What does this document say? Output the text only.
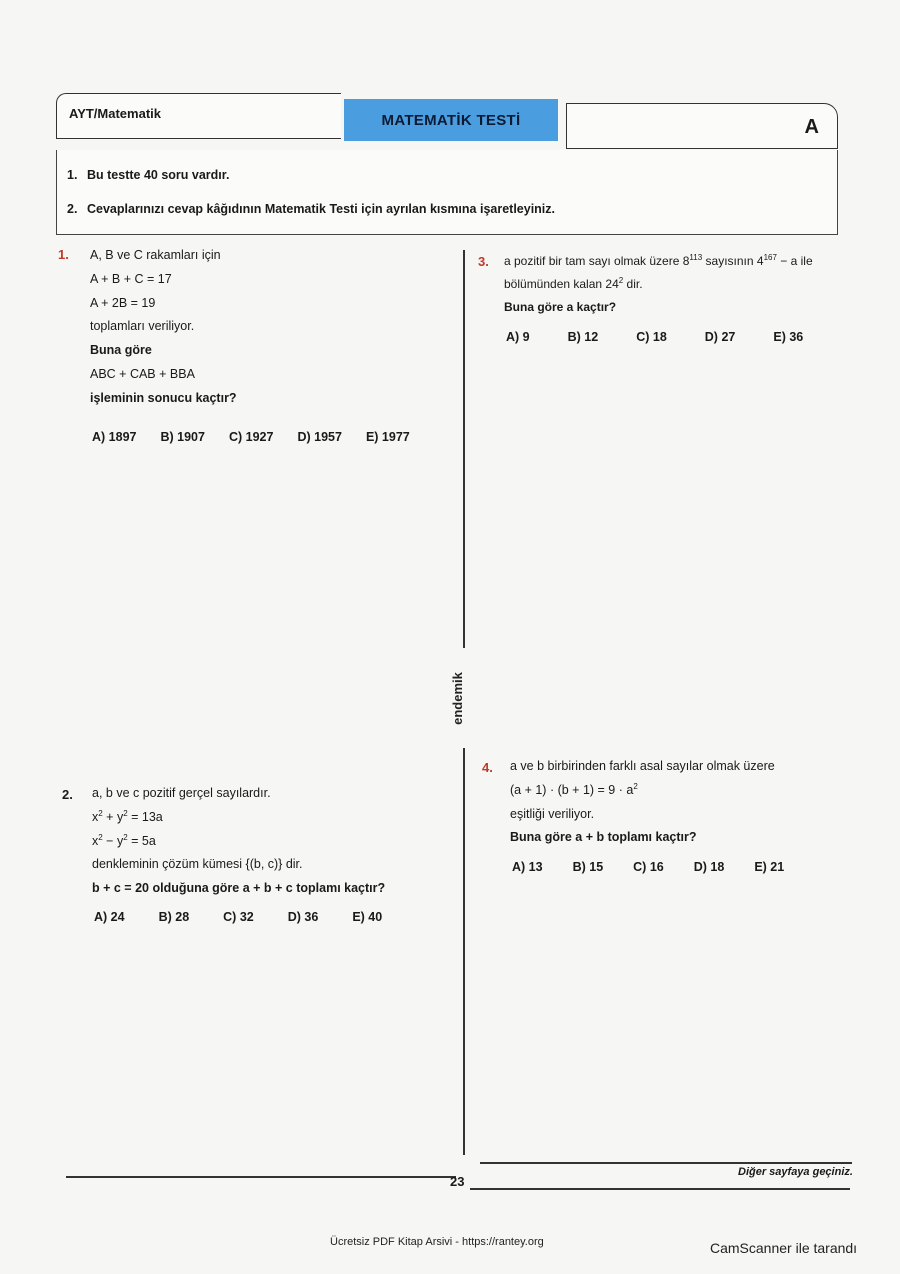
AYT/Matematik	MATEMATİK TESTİ	A
1. Bu testte 40 soru vardır.
2. Cevaplarınızı cevap kâğıdının Matematik Testi için ayrılan kısmına işaretleyiniz.
endemik
1. A, B ve C rakamları için
A + B + C = 17
A + 2B = 19
toplamları veriliyor.
Buna göre
ABC + CAB + BBA
işleminin sonucu kaçtır?
A) 1897 B) 1907 C) 1927 D) 1957 E) 1977
2. a, b ve c pozitif gerçel sayılardır.
$x^2 + y^2 = 13a$
$x^2 - y^2 = 5a$
denkleminin çözüm kümesi {(b, c)} dir.
b + c = 20 olduğuna göre a + b + c toplamı kaçtır?
A) 24	B) 28	C) 32	D) 36	E) 40
3. a pozitif bir tam sayı olmak üzere $8^{113}$ sayısının $4^{167} - a$ ile
bölümünden kalan $24^2$ dir.
Buna göre a kaçtır?
A) 9	B) 12	C) 18	D) 27	E) 36
4. a ve b birbirinden farklı asal sayılar olmak üzere
$(a + 1) \cdot (b + 1) = 9 \cdot a^2$
eşitliği veriliyor.
Buna göre a + b toplamı kaçtır?
A) 13 B) 15 C) 16 D) 18 E) 21
23
Diğer sayfaya geçiniz.
Ücretsiz PDF Kitap Arsivi - https://rantey.org	CamScanner ile tarandı
